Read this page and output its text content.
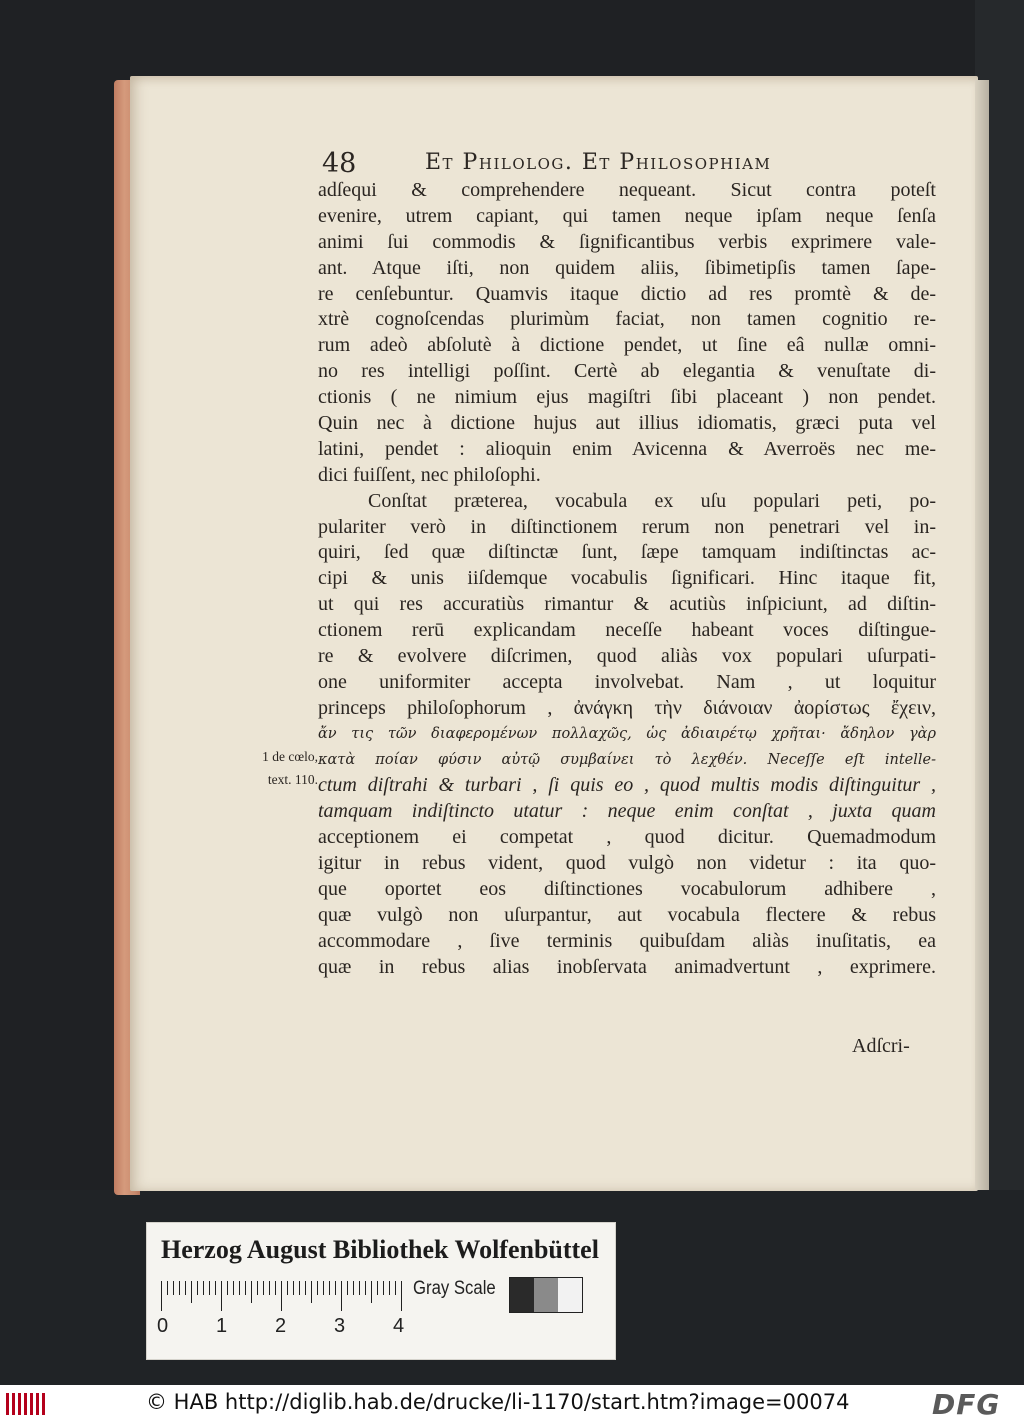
48	Et Philolog. Et Philosophiam
adſequi & comprehendere nequeant. Sicut contra poteſt
evenire, utrem capiant, qui tamen neque ipſam neque ſenſa
animi ſui commodis & ſignificantibus verbis exprimere vale-
ant. Atque iſti, non quidem aliis, ſibimetipſis tamen ſape-
re cenſebuntur. Quamvis itaque dictio ad res promtè & de-
xtrè cognoſcendas plurimùm faciat, non tamen cognitio re-
rum adeò abſolutè à dictione pendet, ut ſine eâ nullæ omni-
no res intelligi poſſint. Certè ab elegantia & venuſtate di-
ctionis ( ne nimium ejus magiſtri ſibi placeant ) non pendet.
Quin nec à dictione hujus aut illius idiomatis, græci puta vel
latini, pendet : alioquin enim Avicenna & Averroës nec me-
dici fuiſſent, nec philoſophi.
Conſtat præterea, vocabula ex uſu populari peti, po-
pulariter verò in diſtinctionem rerum non penetrari vel in-
quiri, ſed quæ diſtinctæ ſunt, ſæpe tamquam indiſtinctas ac-
cipi & unis iiſdemque vocabulis ſignificari. Hinc itaque fit,
ut qui res accuratiùs rimantur & acutiùs inſpiciunt, ad diſtin-
ctionem rerū explicandam neceſſe habeant voces diſtingue-
re & evolvere diſcrimen, quod aliàs vox populari uſurpati-
one uniformiter accepta involvebat. Nam , ut loquitur
princeps philoſophorum , ἀνάγκη τὴν διάνοιαν ἀορίστως ἔχειν,
ἄν τις τῶν διαφερομένων πολλαχῶς, ὡς ἀδιαιρέτῳ χρῆται· ἄδηλον γὰρ
κατὰ ποίαν φύσιν αὐτῷ συμβαίνει τὸ λεχθέν. Neceſſe eſt intelle-
ctum diſtrahi & turbari , ſi quis eo , quod multis modis diſtinguitur ,
tamquam indiſtincto utatur : neque enim conſtat , juxta quam
acceptionem ei competat , quod dicitur. Quemadmodum
igitur in rebus vident, quod vulgò non videtur : ita quo-
que oportet eos diſtinctiones vocabulorum adhibere ,
quæ vulgò non uſurpantur, aut vocabula flectere & rebus
accommodare , ſive terminis quibuſdam aliàs inuſitatis, ea
quæ in rebus alias inobſervata animadvertunt , exprimere.
Adſcri-
1 de cœlo,
text. 110.
Herzog August Bibliothek Wolfenbüttel
0 1 2 3 4
Gray Scale
© HAB http://diglib.hab.de/drucke/li-1170/start.htm?image=00074	DFG
